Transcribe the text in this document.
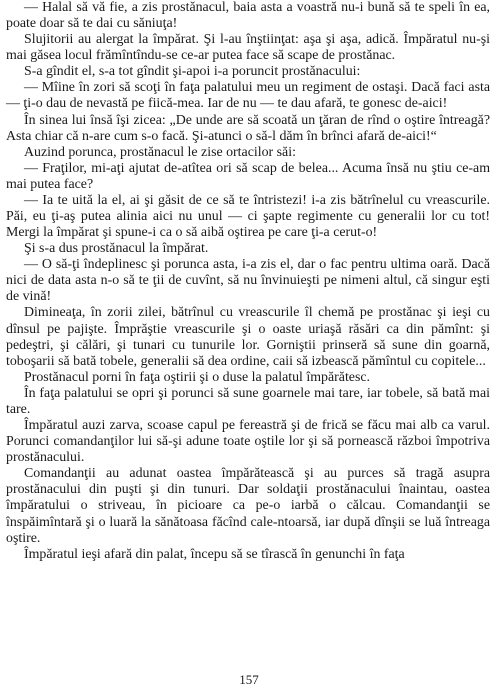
— Halal să vă fie, a zis prostănacul, baia asta a voastră nu-i bună să te speli în ea, poate doar să te dai cu săniuţa!

Slujitorii au alergat la împărat. Şi l-au înştiinţat: aşa şi aşa, adică. Împăratul nu-şi mai găsea locul frămîntîndu-se ce-ar putea face să scape de prostănac.

S-a gîndit el, s-a tot gîndit şi-apoi i-a poruncit prostănacului:

— Mîine în zori să scoţi în faţa palatului meu un regiment de ostaşi. Dacă faci asta — ţi-o dau de nevastă pe fiică-mea. Iar de nu — te dau afară, te gonesc de-aici!

În sinea lui însă îşi zicea: „De unde are să scoată un ţăran de rînd o oştire întreagă? Asta chiar că n-are cum s-o facă. Şi-atunci o să-l dăm în brînci afară de-aici!“

Auzind porunca, prostănacul le zise ortacilor săi:

— Fraţilor, mi-aţi ajutat de-atîtea ori să scap de belea... Acuma însă nu ştiu ce-am mai putea face?

— Ia te uită la el, ai şi găsit de ce să te întristezi! i-a zis bătrînelul cu vreascurile. Păi, eu ţi-aş putea alinia aici nu unul — ci şapte regimente cu generalii lor cu tot! Mergi la împărat şi spune-i ca o să aibă oştirea pe care ţi-a cerut-o!

Şi s-a dus prostănacul la împărat.

— O să-ţi îndeplinesc şi porunca asta, i-a zis el, dar o fac pentru ultima oară. Dacă nici de data asta n-o să te ţii de cuvînt, să nu învinuieşti pe nimeni altul, că singur eşti de vină!

Dimineaţa, în zorii zilei, bătrînul cu vreascurile îl chemă pe prostănac şi ieşi cu dînsul pe pajişte. Împrăştie vreascurile şi o oaste uriaşă răsări ca din pămînt: şi pedeştri, şi călări, şi tunari cu tunurile lor. Gorniştii prinseră să sune din goarnă, toboşarii să bată tobele, generalii să dea ordine, caii să izbească pămîntul cu copitele...

Prostănacul porni în faţa oştirii şi o duse la palatul împărătesc.

În faţa palatului se opri şi porunci să sune goarnele mai tare, iar tobele, să bată mai tare.

Împăratul auzi zarva, scoase capul pe fereastră şi de frică se făcu mai alb ca varul. Porunci comandanţilor lui să-şi adune toate oştile lor şi să pornească război împotriva prostănacului.

Comandanţii au adunat oastea împărătească şi au purces să tragă asupra prostănacului din puşti şi din tunuri. Dar soldaţii prostănacului înaintau, oastea împăratului o striveau, în picioare ca pe-o iarbă o călcau. Comandanţii se înspăimîntară şi o luară la sănătoasa făcînd cale-ntoarsă, iar după dînşii se luă întreaga oştire.

Împăratul ieşi afară din palat, începu să se tîrască în genunchi în faţa

157
